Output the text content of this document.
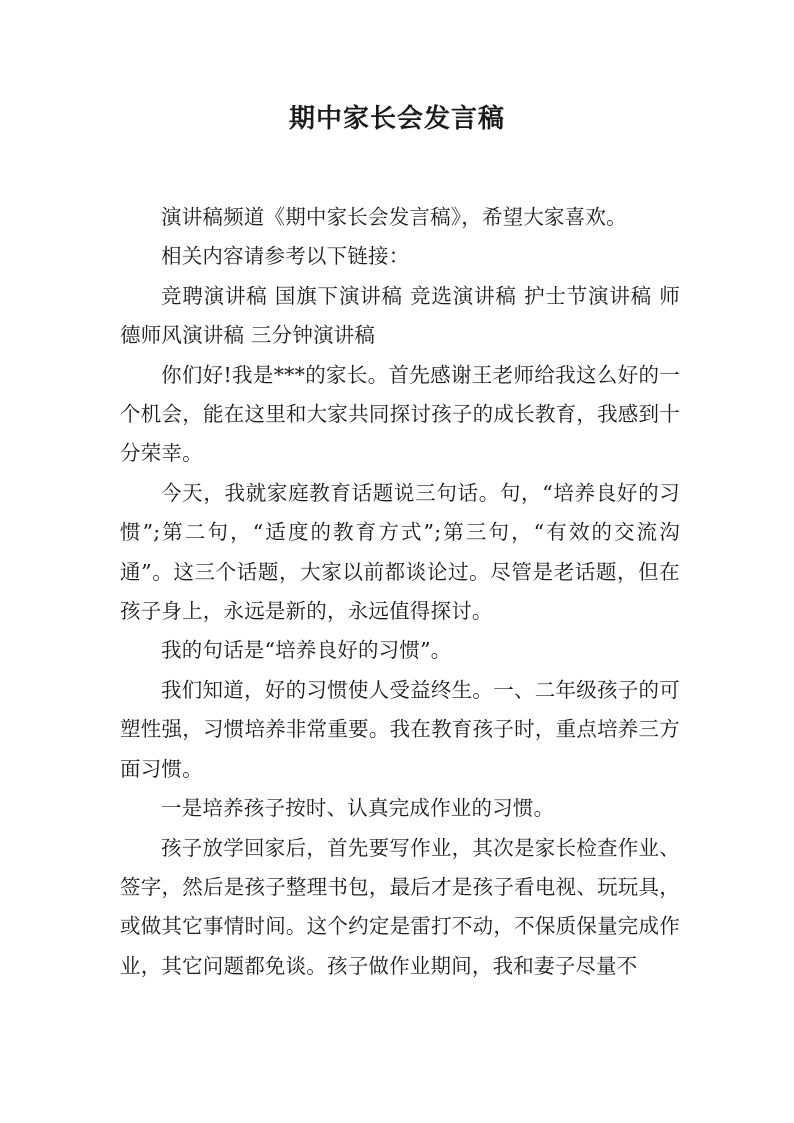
期中家长会发言稿

演讲稿频道《期中家长会发言稿》，希望大家喜欢。

相关内容请参考以下链接：

竞聘演讲稿 国旗下演讲稿 竞选演讲稿 护士节演讲稿 师德师风演讲稿 三分钟演讲稿

你们好!我是***的家长。首先感谢王老师给我这么好的一个机会，能在这里和大家共同探讨孩子的成长教育，我感到十分荣幸。

今天，我就家庭教育话题说三句话。句，“培养良好的习惯”;第二句，“适度的教育方式”;第三句，“有效的交流沟通”。这三个话题，大家以前都谈论过。尽管是老话题，但在孩子身上，永远是新的，永远值得探讨。

我的句话是“培养良好的习惯”。

我们知道，好的习惯使人受益终生。一、二年级孩子的可塑性强，习惯培养非常重要。我在教育孩子时，重点培养三方面习惯。

一是培养孩子按时、认真完成作业的习惯。

孩子放学回家后，首先要写作业，其次是家长检查作业、签字，然后是孩子整理书包，最后才是孩子看电视、玩玩具，或做其它事情时间。这个约定是雷打不动，不保质保量完成作业，其它问题都免谈。孩子做作业期间，我和妻子尽量不
